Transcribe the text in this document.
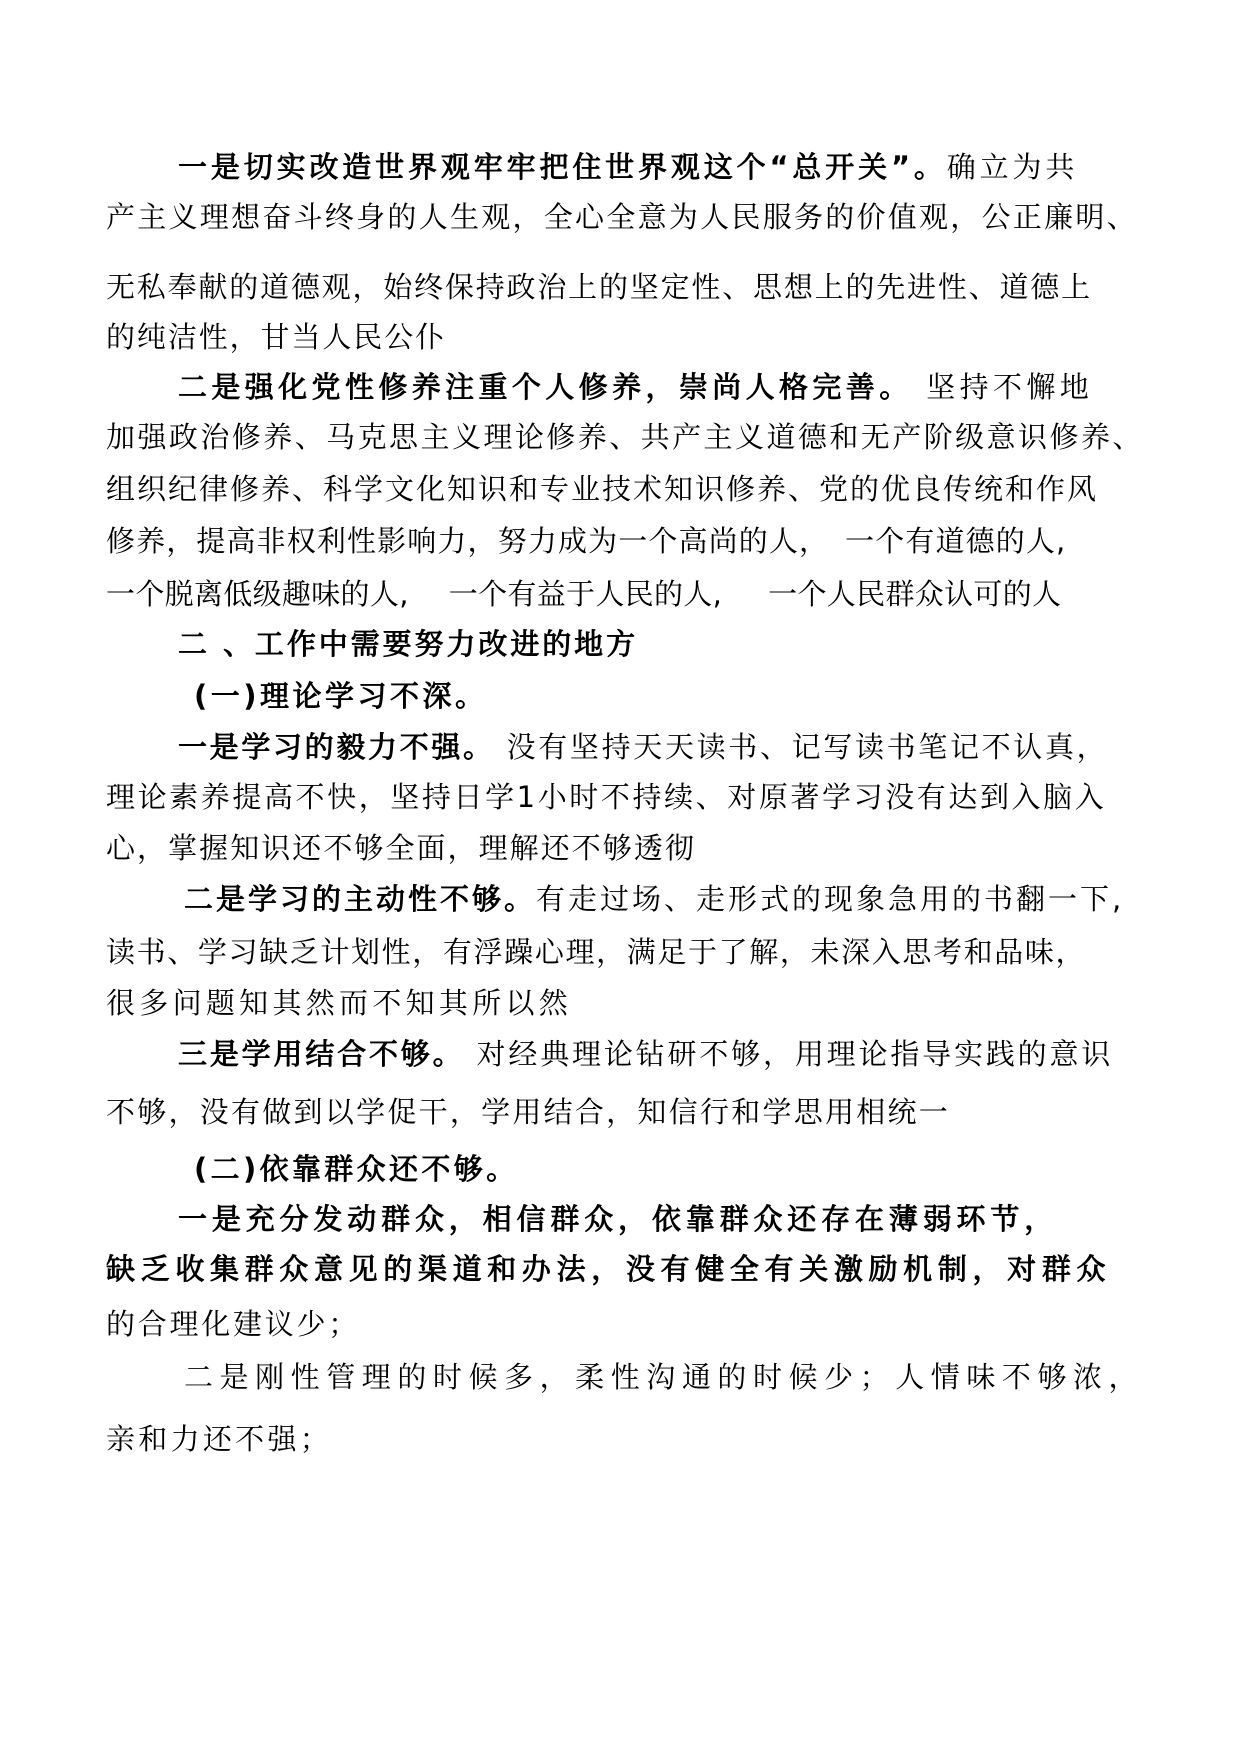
一是切实改造世界观牢牢把住世界观这个“总开关”。确立为共
产主义理想奋斗终身的人生观，全心全意为人民服务的价值观，公正廉明、
无私奉献的道德观，始终保持政治上的坚定性、思想上的先进性、道德上
的纯洁性，甘当人民公仆
二是强化党性修养注重个人修养，崇尚人格完善。 坚持不懈地
加强政治修养、马克思主义理论修养、共产主义道德和无产阶级意识修养、
组织纪律修养、科学文化知识和专业技术知识修养、党的优良传统和作风
修养，提高非权利性影响力，努力成为一个高尚的人， 一个有道德的人,
一个脱离低级趣味的人, 一个有益于人民的人, 一个人民群众认可的人
二 、工作中需要努力改进的地方
(一)理论学习不深。
一是学习的毅力不强。 没有坚持天天读书、记写读书笔记不认真，
理论素养提高不快，坚持日学1小时不持续、对原著学习没有达到入脑入
心，掌握知识还不够全面，理解还不够透彻
二是学习的主动性不够。有走过场、走形式的现象急用的书翻一下,
读书、学习缺乏计划性，有浮躁心理，满足于了解，未深入思考和品味，
很多问题知其然而不知其所以然
三是学用结合不够。 对经典理论钻研不够，用理论指导实践的意识
不够，没有做到以学促干，学用结合，知信行和学思用相统一
(二)依靠群众还不够。
一是充分发动群众，相信群众，依靠群众还存在薄弱环节，
缺乏收集群众意见的渠道和办法，没有健全有关激励机制，对群众
的合理化建议少；
二是刚性管理的时候多，柔性沟通的时候少；人情味不够浓，
亲和力还不强；
